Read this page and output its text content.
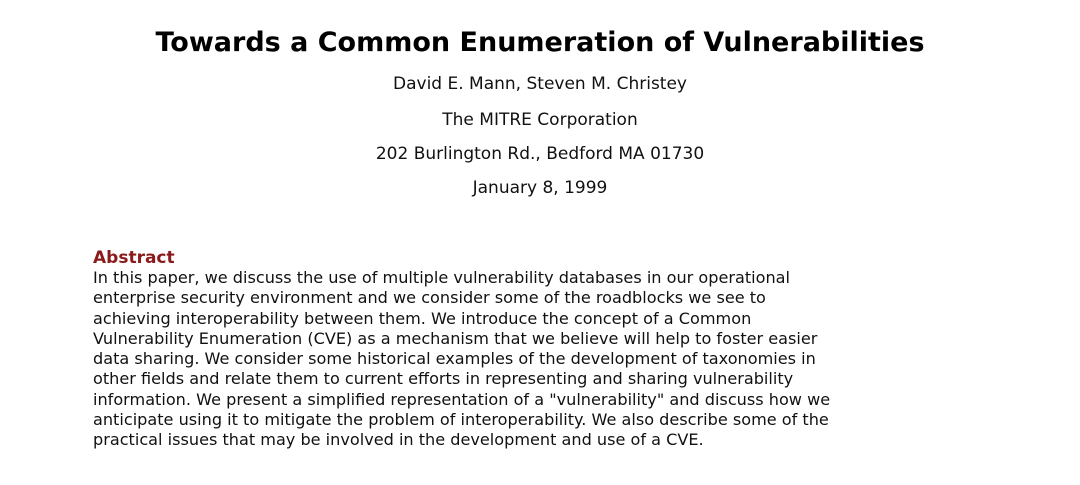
Towards a Common Enumeration of Vulnerabilities
David E. Mann, Steven M. Christey
The MITRE Corporation
202 Burlington Rd., Bedford MA 01730
January 8, 1999
Abstract
In this paper, we discuss the use of multiple vulnerability databases in our operational
enterprise security environment and we consider some of the roadblocks we see to
achieving interoperability between them. We introduce the concept of a Common
Vulnerability Enumeration (CVE) as a mechanism that we believe will help to foster easier
data sharing. We consider some historical examples of the development of taxonomies in
other fields and relate them to current efforts in representing and sharing vulnerability
information. We present a simplified representation of a "vulnerability" and discuss how we
anticipate using it to mitigate the problem of interoperability. We also describe some of the
practical issues that may be involved in the development and use of a CVE.
